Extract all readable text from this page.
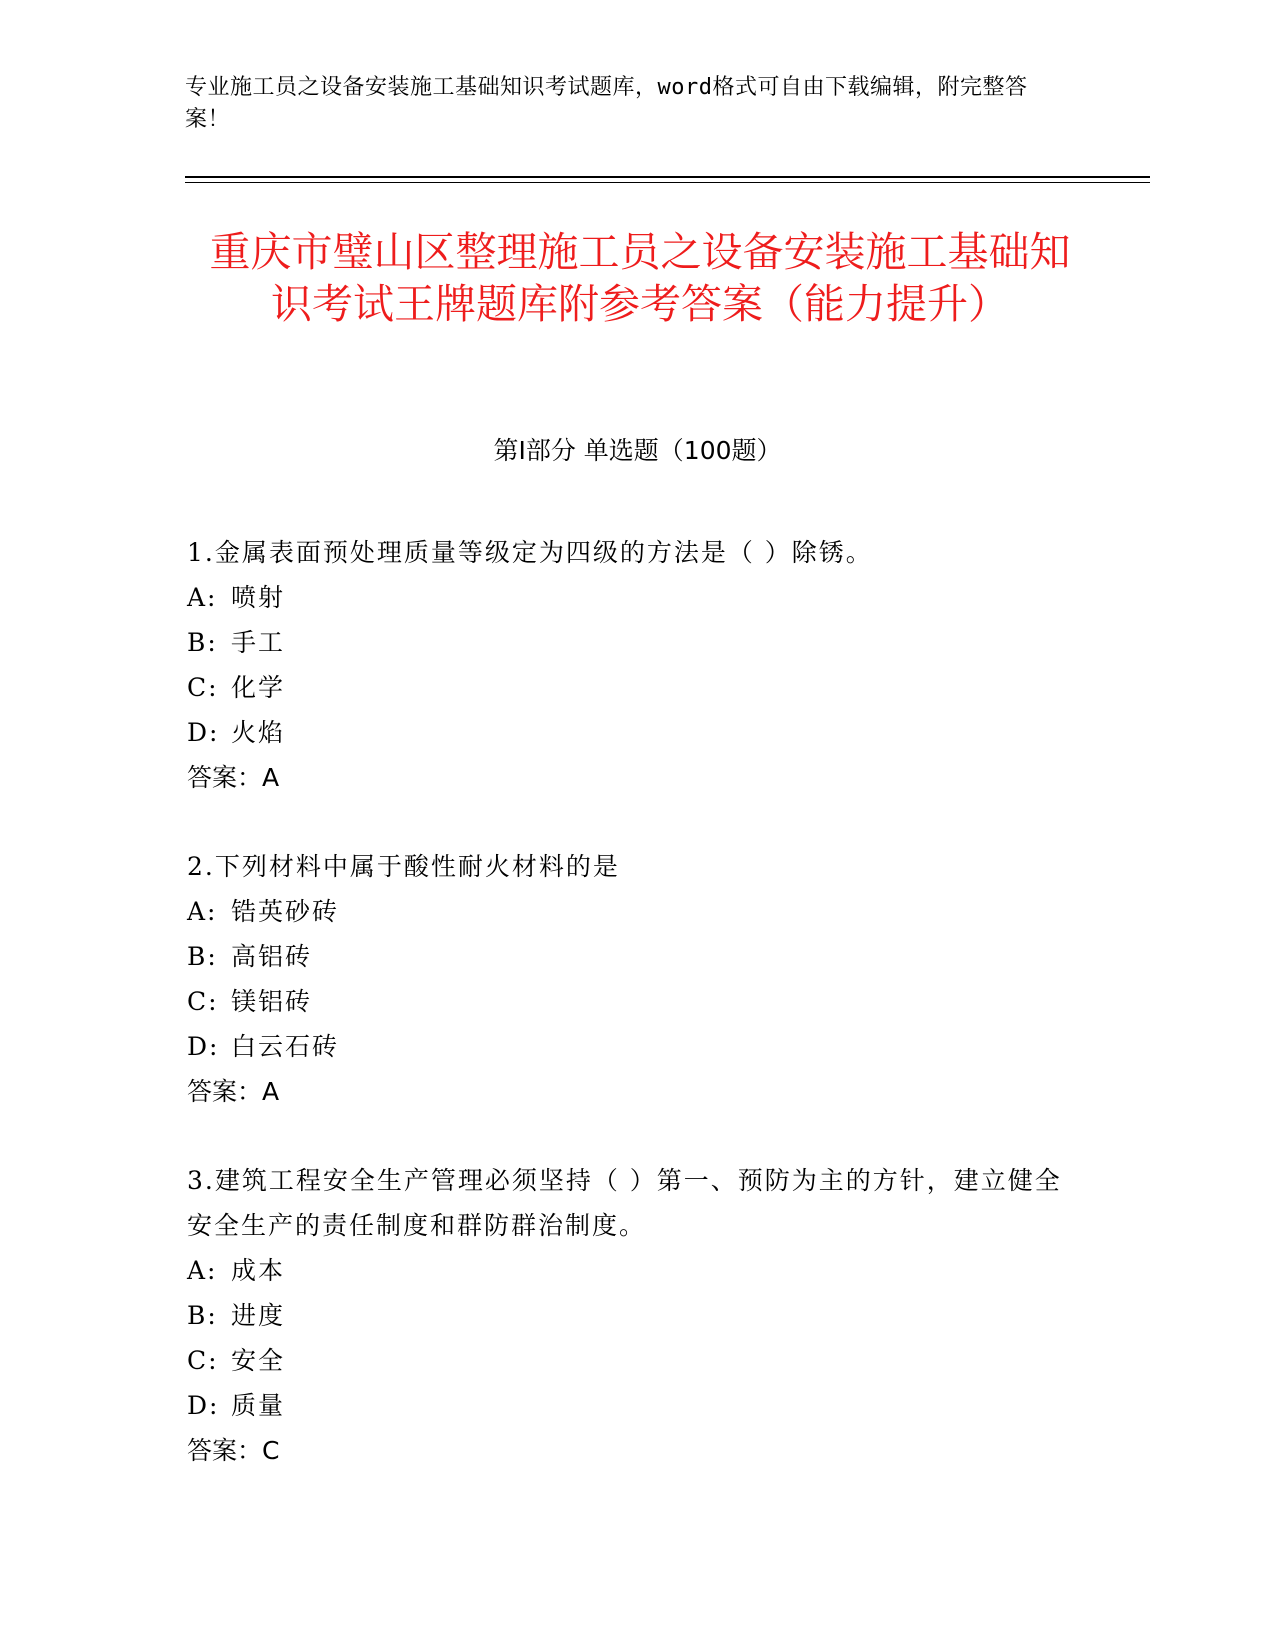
专业施工员之设备安装施工基础知识考试题库，word格式可自由下载编辑，附完整答案！
重庆市璧山区整理施工员之设备安装施工基础知识考试王牌题库附参考答案（能力提升）
第Ⅰ部分 单选题（100题）
1.金属表面预处理质量等级定为四级的方法是（ ）除锈。
A: 喷射
B: 手工
C: 化学
D: 火焰
答案：A
2.下列材料中属于酸性耐火材料的是
A: 锆英砂砖
B: 高铝砖
C: 镁铝砖
D: 白云石砖
答案：A
3.建筑工程安全生产管理必须坚持（ ）第一、预防为主的方针，建立健全安全生产的责任制度和群防群治制度。
A: 成本
B: 进度
C: 安全
D: 质量
答案：C
